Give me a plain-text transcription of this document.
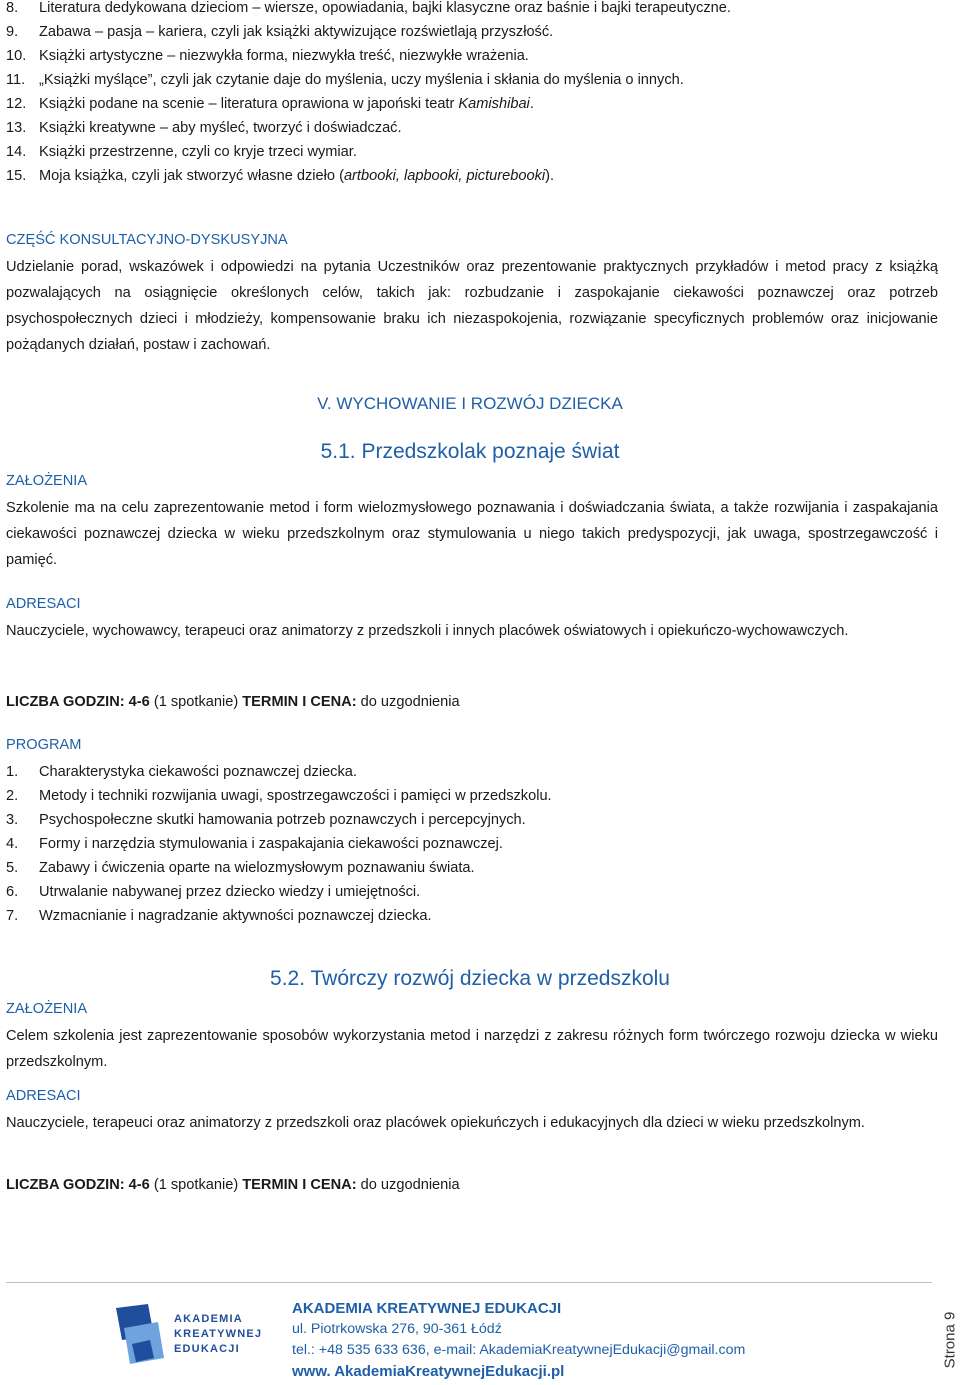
8. Literatura dedykowana dzieciom – wiersze, opowiadania, bajki klasyczne oraz baśnie i bajki terapeutyczne.
9. Zabawa – pasja – kariera, czyli jak książki aktywizujące rozświetlają przyszłość.
10. Książki artystyczne – niezwykła forma, niezwykła treść, niezwykłe wrażenia.
11. „Książki myślące”, czyli jak czytanie daje do myślenia, uczy myślenia i skłania do myślenia o innych.
12. Książki podane na scenie – literatura oprawiona w japoński teatr Kamishibai.
13. Książki kreatywne – aby myśleć, tworzyć i doświadczać.
14. Książki przestrzenne, czyli co kryje trzeci wymiar.
15. Moja książka, czyli jak stworzyć własne dzieło (artbooki, lapbooki, picturebooki).
CZĘŚĆ KONSULTACYJNO-DYSKUSYJNA

Udzielanie porad, wskazówek i odpowiedzi na pytania Uczestników oraz prezentowanie praktycznych przykładów i metod pracy z książką pozwalających na osiągnięcie określonych celów, takich jak: rozbudzanie i zaspokajanie ciekawości poznawczej oraz potrzeb psychospołecznych dzieci i młodzieży, kompensowanie braku ich niezaspokojenia, rozwiązanie specyficznych problemów oraz inicjowanie pożądanych działań, postaw i zachowań.

V. WYCHOWANIE I ROZWÓJ DZIECKA
5.1. Przedszkolak poznaje świat
ZAŁOŻENIA

Szkolenie ma na celu zaprezentowanie metod i form wielozmysłowego poznawania i doświadczania świata, a także rozwijania i zaspakajania ciekawości poznawczej dziecka w wieku przedszkolnym oraz stymulowania u niego takich predyspozycji, jak uwaga, spostrzegawczość i pamięć.

ADRESACI

Nauczyciele, wychowawcy, terapeuci oraz animatorzy z przedszkoli i innych placówek oświatowych i opiekuńczo-wychowawczych.

LICZBA GODZIN: 4-6 (1 spotkanie) TERMIN I CENA: do uzgodnienia
PROGRAM
1. Charakterystyka ciekawości poznawczej dziecka.
2. Metody i techniki rozwijania uwagi, spostrzegawczości i pamięci w przedszkolu.
3. Psychospołeczne skutki hamowania potrzeb poznawczych i percepcyjnych.
4. Formy i narzędzia stymulowania i zaspakajania ciekawości poznawczej.
5. Zabawy i ćwiczenia oparte na wielozmysłowym poznawaniu świata.
6. Utrwalanie nabywanej przez dziecko wiedzy i umiejętności.
7. Wzmacnianie i nagradzanie aktywności poznawczej dziecka.
5.2. Twórczy rozwój dziecka w przedszkolu
ZAŁOŻENIA

Celem szkolenia jest zaprezentowanie sposobów wykorzystania metod i narzędzi z zakresu różnych form twórczego rozwoju dziecka w wieku przedszkolnym.

ADRESACI

Nauczyciele, terapeuci oraz animatorzy z przedszkoli oraz placówek opiekuńczych i edukacyjnych dla dzieci w wieku przedszkolnym.

LICZBA GODZIN: 4-6 (1 spotkanie) TERMIN I CENA: do uzgodnienia
AKADEMIA
KREATYWNEJ
EDUKACJI
AKADEMIA KREATYWNEJ EDUKACJI
ul. Piotrkowska 276, 90-361 Łódź
tel.: +48 535 633 636, e-mail: AkademiaKreatywnejEdukacji@gmail.com
www. AkademiaKreatywnejEdukacji.pl
Strona 9
